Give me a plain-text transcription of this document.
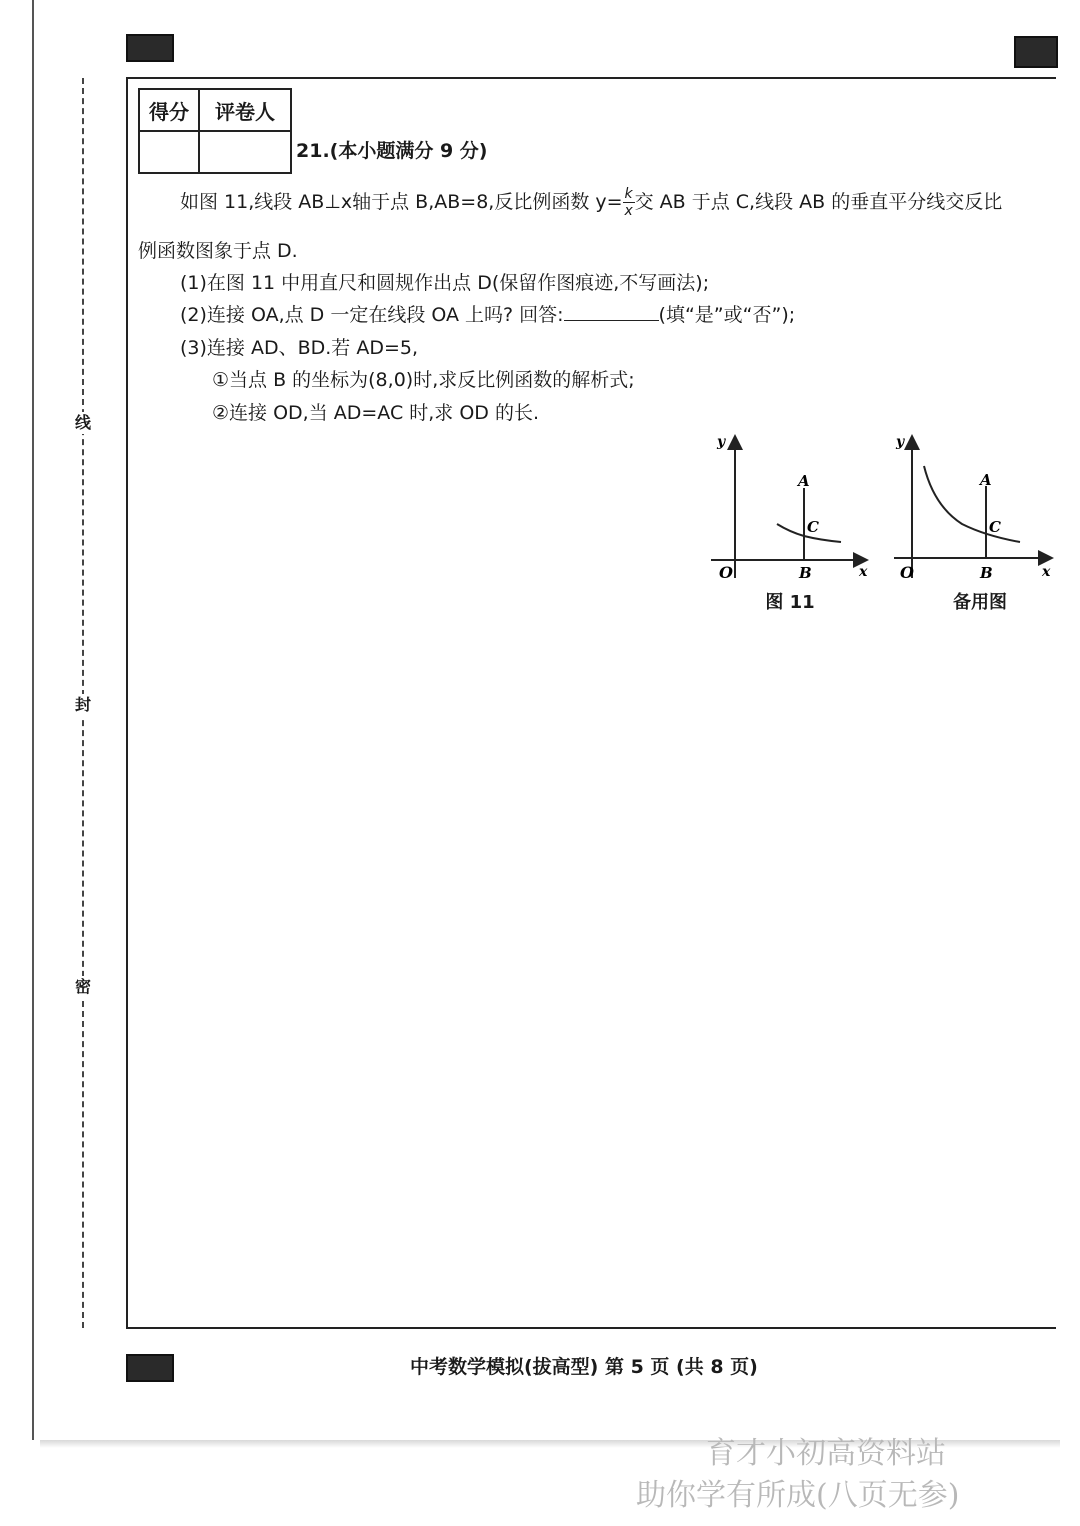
线
封
密
得分	评卷人

21.(本小题满分 9 分)
如图 11,线段 AB⊥x轴于点 B,AB=8,反比例函数 $y= \frac{k}{x}$ 交 AB 于点 C,线段 AB 的垂直平分线交反比
例函数图象于点 D.
(1)在图 11 中用直尺和圆规作出点 D(保留作图痕迹,不写画法);
(2)连接 OA,点 D 一定在线段 OA 上吗? 回答:	(填“是”或“否”);
(3)连接 AD、BD.若 AD=5,
①当点 B 的坐标为(8,0)时,求反比例函数的解析式;
②连接 OD,当 AD=AC 时,求 OD 的长.
y
x
O
A
B
C
图 11
y
x
O
A
B
C
备用图
中考数学模拟(拔高型) 第 5 页 (共 8 页)
育才小初高资料站
助你学有所成(八页无参)
